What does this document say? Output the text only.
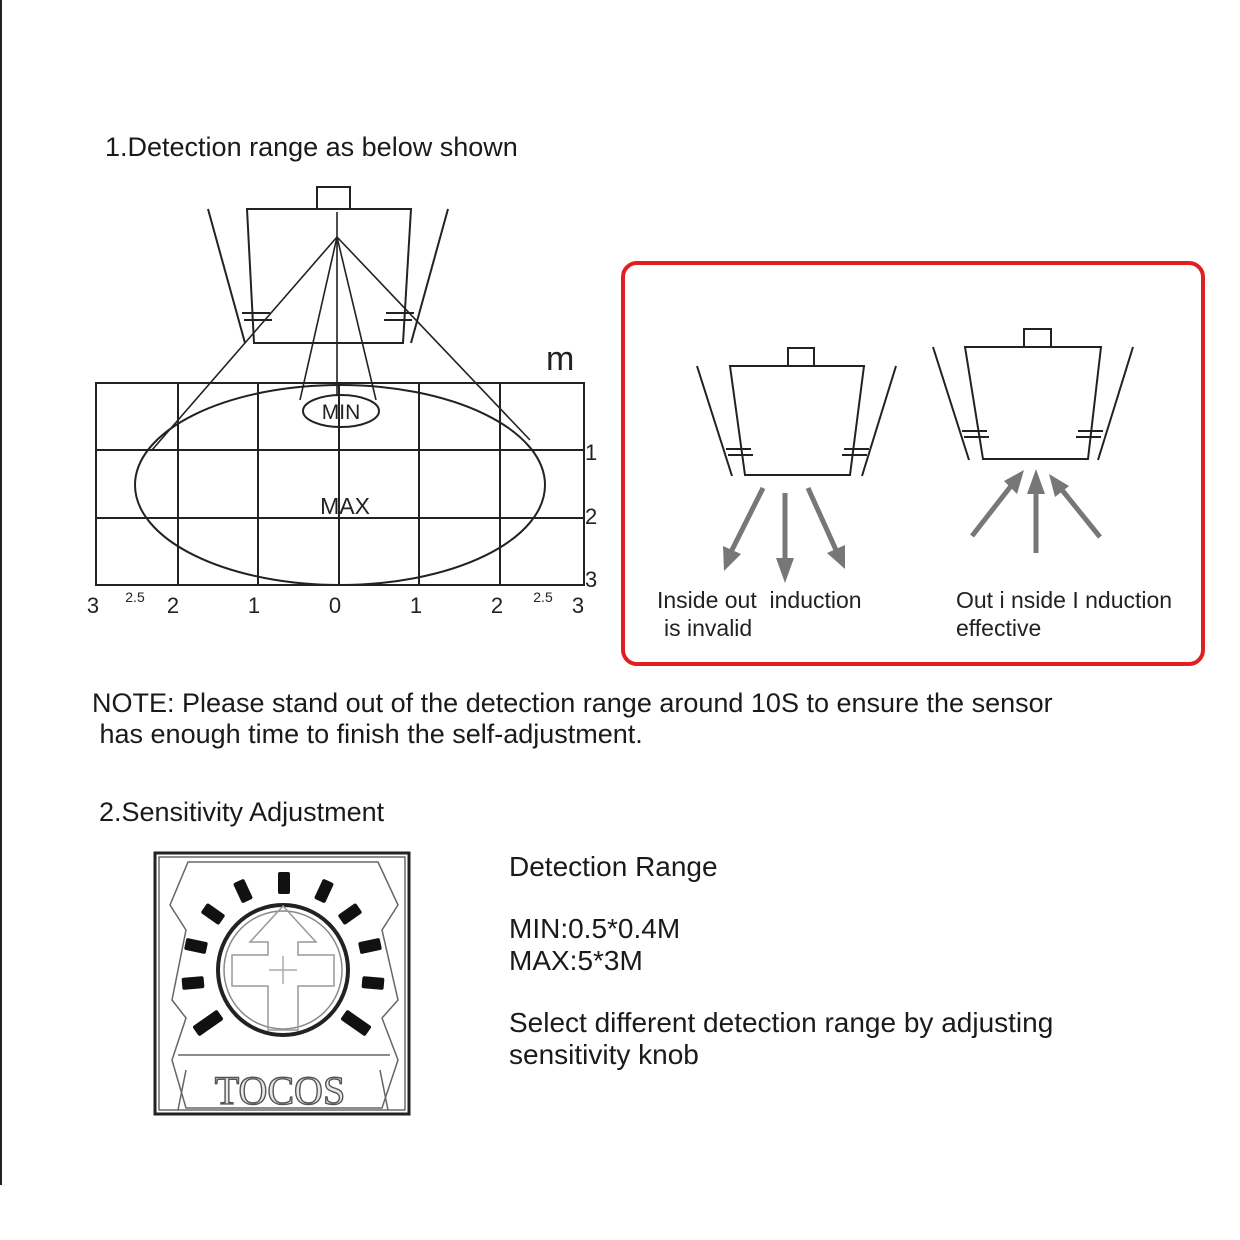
1.Detection range as below shown
m
MIN
MAX
1
2
3
3 2.5 2	1	0	1	2 2.5 3	Inside out  induction
is invalid
Out i nside I nduction
effective
TOCOS
NOTE: Please stand out of the detection range around 10S to ensure the sensor
has enough time to finish the self-adjustment.
2.Sensitivity Adjustment
Detection Range
MIN:0.5*0.4M
MAX:5*3M
Select different detection range by adjusting
sensitivity knob
